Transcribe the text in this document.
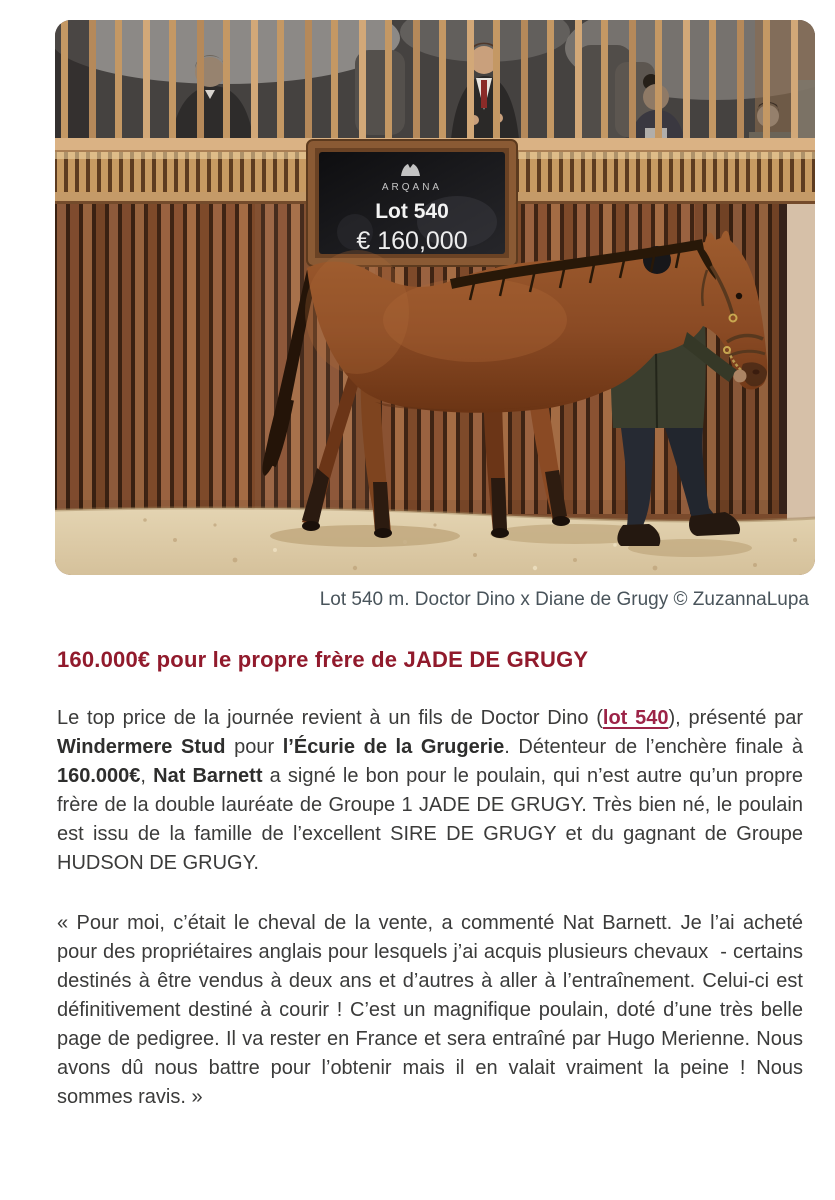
ARQANA
Lot 540
€ 160,000
Lot 540 m. Doctor Dino x Diane de Grugy © ZuzannaLupa
160.000€ pour le propre frère de JADE DE GRUGY

Le top price de la journée revient à un fils de Doctor Dino (lot 540), présenté par Windermere Stud pour l’Écurie de la Grugerie. Détenteur de l’enchère finale à 160.000€, Nat Barnett a signé le bon pour le poulain, qui n’est autre qu’un propre frère de la double lauréate de Groupe 1 JADE DE GRUGY. Très bien né, le poulain est issu de la famille de l’excellent SIRE DE GRUGY et du gagnant de Groupe HUDSON DE GRUGY.

« Pour moi, c’était le cheval de la vente, a commenté Nat Barnett. Je l’ai acheté pour des propriétaires anglais pour lesquels j’ai acquis plusieurs chevaux  - certains destinés à être vendus à deux ans et d’autres à aller à l’entraînement. Celui-ci est définitivement destiné à courir ! C’est un magnifique poulain, doté d’une très belle page de pedigree. Il va rester en France et sera entraîné par Hugo Merienne. Nous avons dû nous battre pour l’obtenir mais il en valait vraiment la peine ! Nous sommes ravis. »
